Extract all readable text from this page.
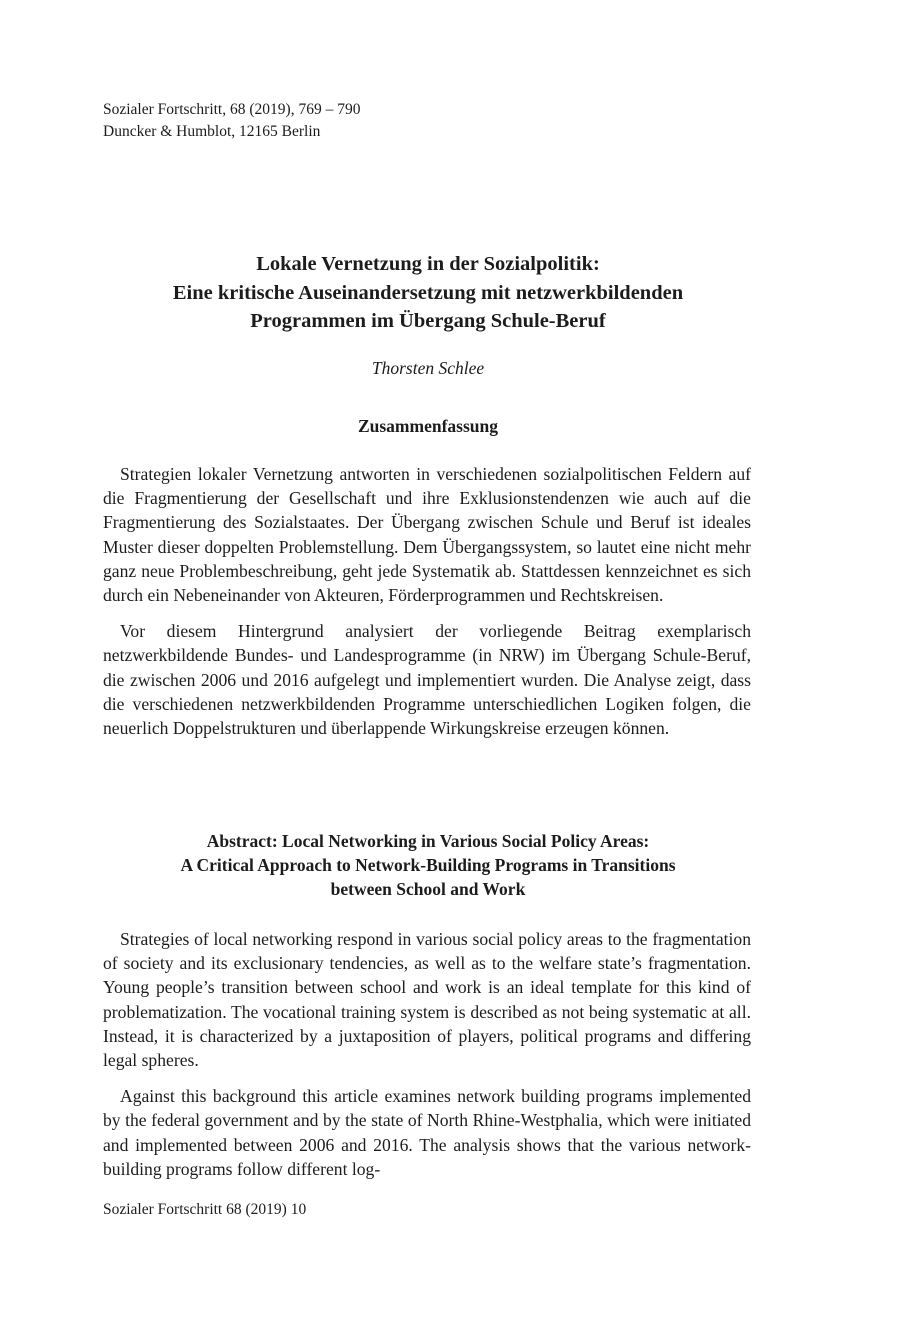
Sozialer Fortschritt, 68 (2019), 769 – 790
Duncker & Humblot, 12165 Berlin
Lokale Vernetzung in der Sozialpolitik:
Eine kritische Auseinandersetzung mit netzwerkbildenden
Programmen im Übergang Schule-Beruf
Thorsten Schlee
Zusammenfassung

Strategien lokaler Vernetzung antworten in verschiedenen sozialpolitischen Feldern auf die Fragmentierung der Gesellschaft und ihre Exklusionstendenzen wie auch auf die Fragmentierung des Sozialstaates. Der Übergang zwischen Schule und Beruf ist ideales Muster dieser doppelten Problemstellung. Dem Übergangssystem, so lautet eine nicht mehr ganz neue Problembeschreibung, geht jede Systematik ab. Stattdessen kennzeichnet es sich durch ein Nebeneinander von Akteuren, Förderprogrammen und Rechtskreisen.

Vor diesem Hintergrund analysiert der vorliegende Beitrag exemplarisch netzwerkbildende Bundes- und Landesprogramme (in NRW) im Übergang Schule-Beruf, die zwischen 2006 und 2016 aufgelegt und implementiert wurden. Die Analyse zeigt, dass die verschiedenen netzwerkbildenden Programme unterschiedlichen Logiken folgen, die neuerlich Doppelstrukturen und überlappende Wirkungskreise erzeugen können.

Abstract: Local Networking in Various Social Policy Areas:
A Critical Approach to Network-Building Programs in Transitions
between School and Work

Strategies of local networking respond in various social policy areas to the fragmentation of society and its exclusionary tendencies, as well as to the welfare state’s fragmentation. Young people’s transition between school and work is an ideal template for this kind of problematization. The vocational training system is described as not being systematic at all. Instead, it is characterized by a juxtaposition of players, political programs and differing legal spheres.

Against this background this article examines network building programs implemented by the federal government and by the state of North Rhine-Westphalia, which were initiated and implemented between 2006 and 2016. The analysis shows that the various network-building programs follow different log-

Sozialer Fortschritt 68 (2019) 10
